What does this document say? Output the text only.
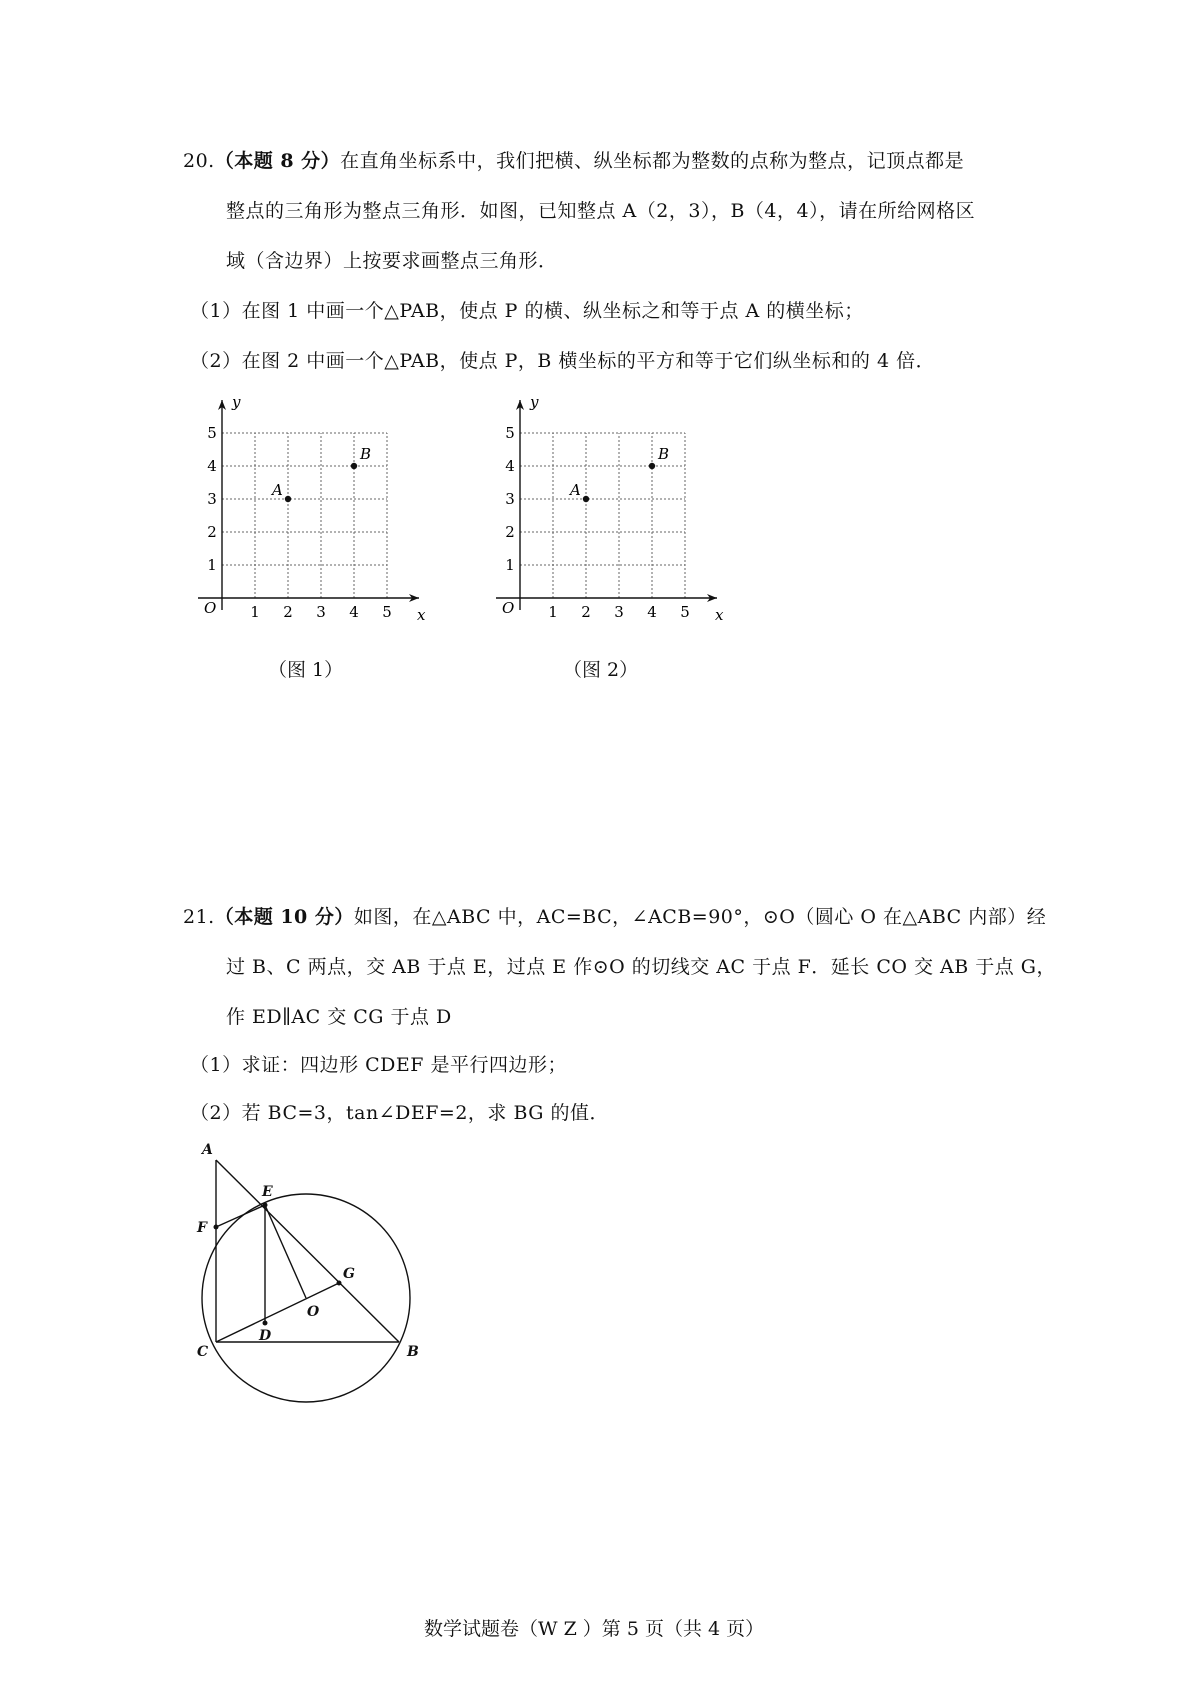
20.（本题 8 分）在直角坐标系中，我们把横、纵坐标都为整数的点称为整点，记顶点都是
整点的三角形为整点三角形．如图，已知整点 A（2，3），B（4，4），请在所给网格区
域（含边界）上按要求画整点三角形．
（1）在图 1 中画一个△PAB，使点 P 的横、纵坐标之和等于点 A 的横坐标；
（2）在图 2 中画一个△PAB，使点 P，B 横坐标的平方和等于它们纵坐标和的 4 倍．
1 2 3 4 5
1
2
3
4
5
O	x
y
A
B
1 2 3 4 5
1
2
3
4
5
O	x
y
A
B
（图 1）	（图 2）
21.（本题 10 分）如图，在△ABC 中，AC=BC，∠ACB=90°，⊙O（圆心 O 在△ABC 内部）经
过 B、C 两点，交 AB 于点 E，过点 E 作⊙O 的切线交 AC 于点 F．延长 CO 交 AB 于点 G，
作 ED∥AC 交 CG 于点 D
（1）求证：四边形 CDEF 是平行四边形；
（2）若 BC=3，tan∠DEF=2，求 BG 的值．
A
E
F
G
O
D
C	B
数学试题卷（W Z ）第 5 页（共 4 页）
